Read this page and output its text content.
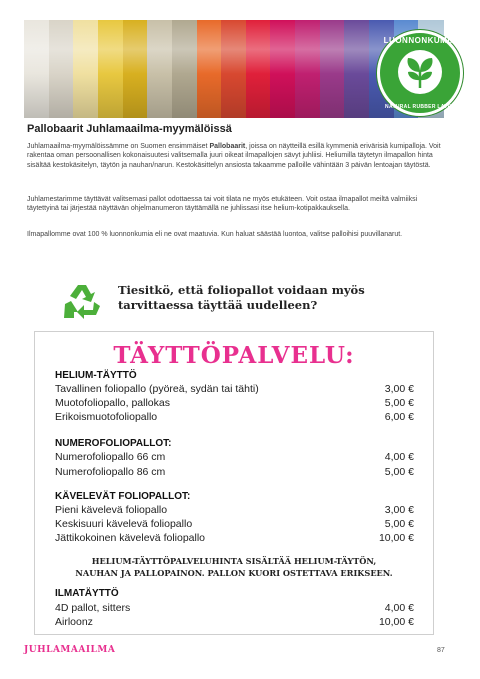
LUONNONKUMIA
NATURAL RUBBER LATEX
Pallobaarit Juhlamaailma-myymälöissä

Juhlamaailma-myymälöissämme on Suomen ensimmäiset Pallobaarit, joissa on näytteillä esillä kymmeniä erivärisiä kumipalloja. Voit rakentaa oman persoonallisen kokonaisuutesi valitsemalla juuri oikeat ilmapallojen sävyt juhliisi. Heliumilla täytetyn ilmapallon hinta sisältää kestokäsitelyn, täytön ja nauhan/narun. Kestokäsittelyn ansiosta takaamme palloille vähintään 3 päivän lentoajan täytöstä.

Juhlamestarimme täyttävät valitsemasi pallot odottaessa tai voit tilata ne myös etukäteen. Voit ostaa ilmapallot meiltä valmiiksi täytettyinä tai järjestää näyttävän ohjelmanumeron täyttämällä ne juhlissasi itse helium-kotipakkauksella.

Ilmapallomme ovat 100 % luonnonkumia eli ne ovat maatuvia. Kun haluat säästää luontoa, valitse palloihisi puuvillanarut.

Tiesitkö, että foliopallot voidaan myös tarvittaessa täyttää uudelleen?

TÄYTTÖPALVELU:

HELIUM-TÄYTTÖ

Tavallinen foliopallo (pyöreä, sydän tai tähti)	3,00 €
Muotofoliopallo, pallokas	5,00 €
Erikoismuotofoliopallo	6,00 €

NUMEROFOLIOPALLOT:

Numerofoliopallo 66 cm	4,00 €
Numerofoliopallo 86 cm	5,00 €

KÄVELEVÄT FOLIOPALLOT:

Pieni kävelevä foliopallo	3,00 €
Keskisuuri kävelevä foliopallo	5,00 €
Jättikokoinen kävelevä foliopallo	10,00 €

HELIUM-TÄYTTÖPALVELUHINTA SISÄLTÄÄ HELIUM-TÄYTÖN,
NAUHAN JA PALLOPAINON. PALLON KUORI OSTETTAVA ERIKSEEN.

ILMATÄYTTÖ

4D pallot, sitters	4,00 €
Airloonz	10,00 €
JUHLAMAAILMA	87
